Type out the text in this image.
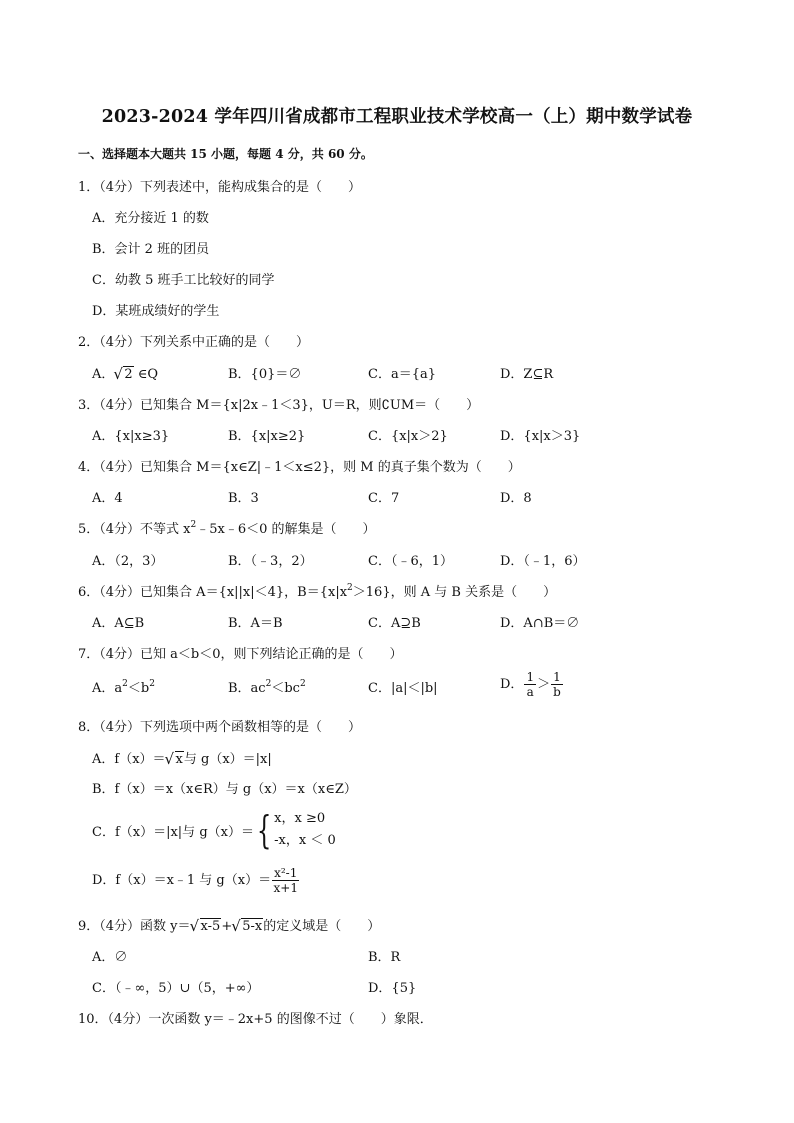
2023-2024 学年四川省成都市工程职业技术学校高一（上）期中数学试卷
一、选择题本大题共 15 小题，每题 4 分，共 60 分。
1．（4分）下列表述中，能构成集合的是（　　）
A．充分接近 1 的数
B．会计 2 班的团员
C．幼教 5 班手工比较好的同学
D．某班成绩好的学生
2．（4分）下列关系中正确的是（　　）
A． √ 2 ∈Q	B．{0}＝∅	C．a＝{a}	D．Z⊆R
3．（4分）已知集合 M＝{x|2x﹣1＜3}，U＝R，则∁UM＝（　　）
A．{x|x≥3}	B．{x|x≥2}	C．{x|x＞2}	D．{x|x＞3}
4．（4分）已知集合 M＝{x∈Z|﹣1＜x≤2}，则 M 的真子集个数为（　　）
A．4	B．3	C．7	D．8
5．（4分）不等式 $x^2﹣5x﹣6<0$ 的解集是（　　）
A．（2，3）	B．（﹣3，2）	C．（﹣6，1）	D．（﹣1，6）
6．（4分）已知集合 A＝{x||x|＜4}，$B=\{x|x^2>16\}$，则 A 与 B 关系是（　　）
A．A⊆B	B．A＝B	C．A⊇B	D．A∩B＝∅
7．（4分）已知 a＜b＜0，则下列结论正确的是（　　）
A．$a^2<b^2$	B．$ac^2<bc^2$	C．|a|＜|b|	D． $\frac{1}{a} > \frac{1}{b}$
8．（4分）下列选项中两个函数相等的是（　　）
A．f（x）＝ √ x与 g（x）＝|x|
B．f（x）＝x（x∈R）与 g（x）＝x（x∈Z）
C．f（x）＝|x|与 g（x）＝ { x，x ≥0
-x，x ＜ 0
D．f（x）＝x﹣1 与 $g(x)= \frac{\text{x²-1}}{x+1}$
9．（4分）函数 y＝ √ x-5+ √ 5-x的定义域是（　　）
A．∅	B．R
C．（﹣∞，5）∪（5，+∞）	D．{5}
10．（4分）一次函数 y＝﹣2x+5 的图像不过（　　）象限．
